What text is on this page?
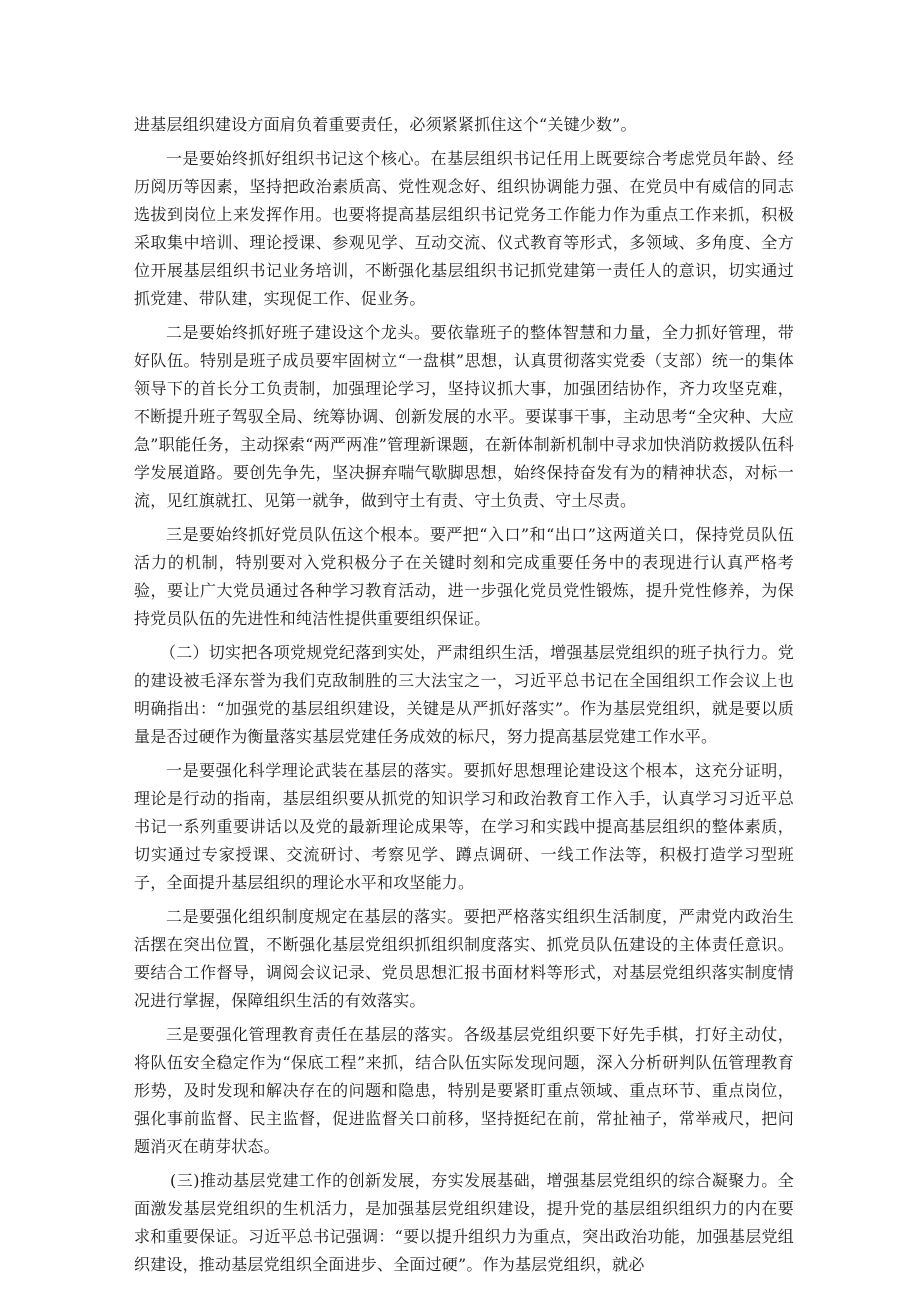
进基层组织建设方面肩负着重要责任，必须紧紧抓住这个“关键少数”。

一是要始终抓好组织书记这个核心。在基层组织书记任用上既要综合考虑党员年龄、经历阅历等因素，坚持把政治素质高、党性观念好、组织协调能力强、在党员中有威信的同志选拔到岗位上来发挥作用。也要将提高基层组织书记党务工作能力作为重点工作来抓，积极采取集中培训、理论授课、参观见学、互动交流、仪式教育等形式，多领域、多角度、全方位开展基层组织书记业务培训，不断强化基层组织书记抓党建第一责任人的意识，切实通过抓党建、带队建，实现促工作、促业务。

二是要始终抓好班子建设这个龙头。要依靠班子的整体智慧和力量，全力抓好管理，带好队伍。特别是班子成员要牢固树立“一盘棋”思想，认真贯彻落实党委（支部）统一的集体领导下的首长分工负责制，加强理论学习，坚持议抓大事，加强团结协作，齐力攻坚克难，不断提升班子驾驭全局、统筹协调、创新发展的水平。要谋事干事，主动思考“全灾种、大应急”职能任务，主动探索“两严两准”管理新课题，在新体制新机制中寻求加快消防救援队伍科学发展道路。要创先争先，坚决摒弃喘气歇脚思想，始终保持奋发有为的精神状态，对标一流，见红旗就扛、见第一就争，做到守土有责、守土负责、守土尽责。

三是要始终抓好党员队伍这个根本。要严把“入口”和“出口”这两道关口，保持党员队伍活力的机制，特别要对入党积极分子在关键时刻和完成重要任务中的表现进行认真严格考验，要让广大党员通过各种学习教育活动，进一步强化党员党性锻炼，提升党性修养，为保持党员队伍的先进性和纯洁性提供重要组织保证。

（二）切实把各项党规党纪落到实处，严肃组织生活，增强基层党组织的班子执行力。党的建设被毛泽东誉为我们克敌制胜的三大法宝之一，习近平总书记在全国组织工作会议上也明确指出：“加强党的基层组织建设，关键是从严抓好落实”。作为基层党组织，就是要以质量是否过硬作为衡量落实基层党建任务成效的标尺，努力提高基层党建工作水平。

一是要强化科学理论武装在基层的落实。要抓好思想理论建设这个根本，这充分证明，理论是行动的指南，基层组织要从抓党的知识学习和政治教育工作入手，认真学习习近平总书记一系列重要讲话以及党的最新理论成果等，在学习和实践中提高基层组织的整体素质，切实通过专家授课、交流研讨、考察见学、蹲点调研、一线工作法等，积极打造学习型班子，全面提升基层组织的理论水平和攻坚能力。

二是要强化组织制度规定在基层的落实。要把严格落实组织生活制度，严肃党内政治生活摆在突出位置，不断强化基层党组织抓组织制度落实、抓党员队伍建设的主体责任意识。要结合工作督导，调阅会议记录、党员思想汇报书面材料等形式，对基层党组织落实制度情况进行掌握，保障组织生活的有效落实。

三是要强化管理教育责任在基层的落实。各级基层党组织要下好先手棋，打好主动仗，将队伍安全稳定作为“保底工程”来抓，结合队伍实际发现问题，深入分析研判队伍管理教育形势，及时发现和解决存在的问题和隐患，特别是要紧盯重点领域、重点环节、重点岗位，强化事前监督、民主监督，促进监督关口前移，坚持挺纪在前，常扯袖子，常举戒尺，把问题消灭在萌芽状态。

(三)推动基层党建工作的创新发展，夯实发展基础，增强基层党组织的综合凝聚力。全面激发基层党组织的生机活力，是加强基层党组织建设，提升党的基层组织组织力的内在要求和重要保证。习近平总书记强调：“要以提升组织力为重点，突出政治功能，加强基层党组织建设，推动基层党组织全面进步、全面过硬”。作为基层党组织，就必
